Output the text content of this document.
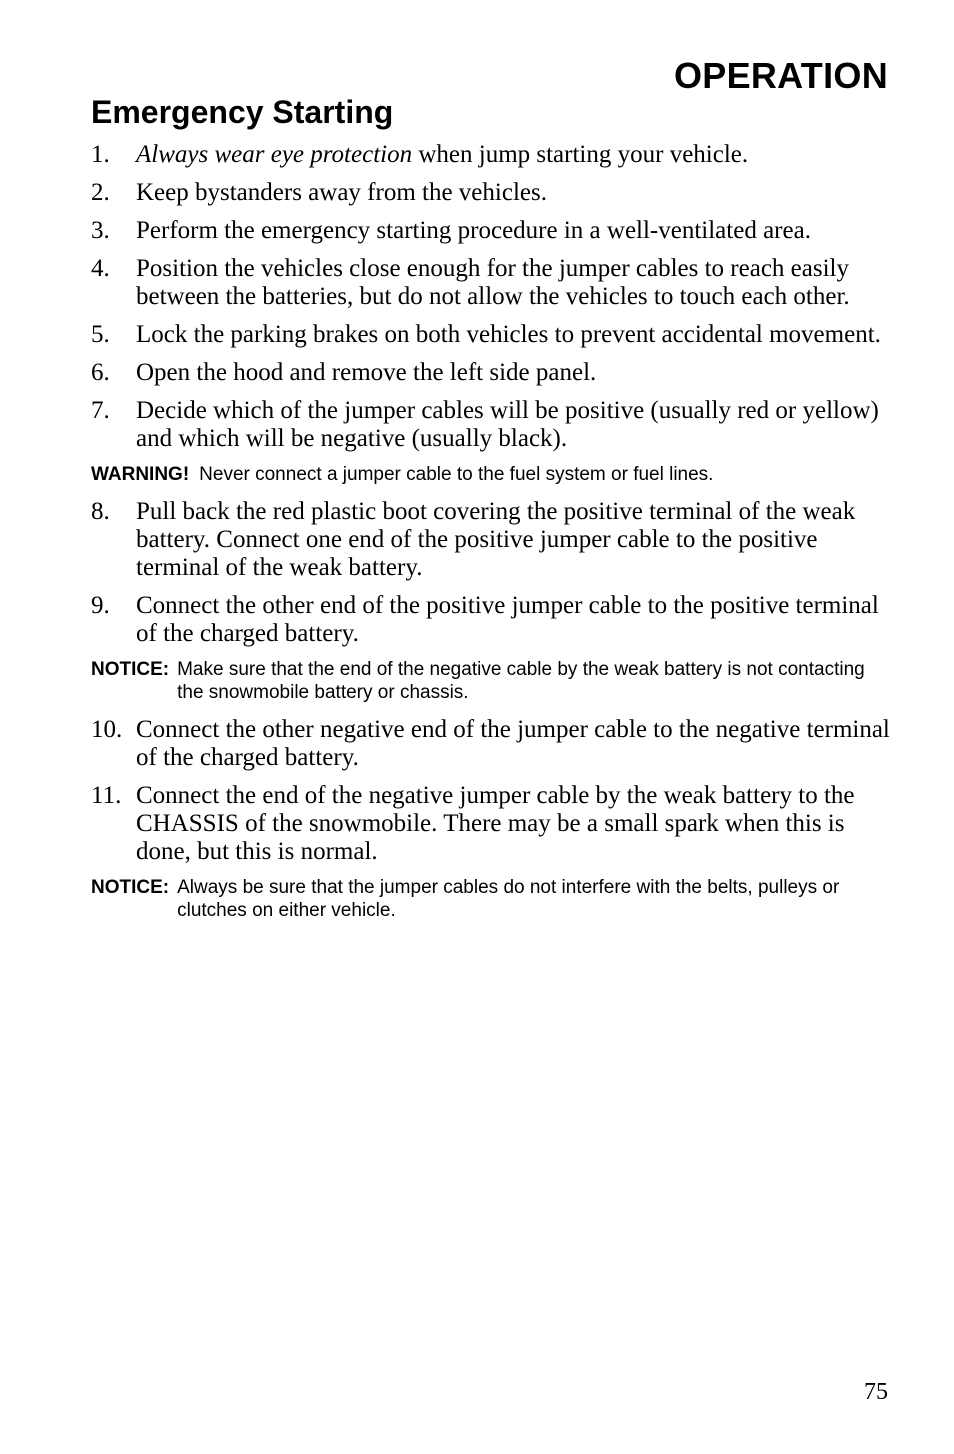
OPERATION
Emergency Starting
1.	Always wear eye protection when jump starting your vehicle.
2.	Keep bystanders away from the vehicles.
3.	Perform the emergency starting procedure in a well-ventilated area.
4.	Position the vehicles close enough for the jumper cables to reach easily between the batteries, but do not allow the vehicles to touch each other.
5.	Lock the parking brakes on both vehicles to prevent accidental movement.
6.	Open the hood and remove the left side panel.
7.	Decide which of the jumper cables will be positive (usually red or yellow) and which will be negative (usually black).
WARNING! Never connect a jumper cable to the fuel system or fuel lines.
8.	Pull back the red plastic boot covering the positive terminal of the weak battery. Connect one end of the positive jumper cable to the positive terminal of the weak battery.
9.	Connect the other end of the positive jumper cable to the positive terminal of the charged battery.
NOTICE: Make sure that the end of the negative cable by the weak battery is not contacting the snowmobile battery or chassis.
10. Connect the other negative end of the jumper cable to the negative terminal of the charged battery.
11. Connect the end of the negative jumper cable by the weak battery to the CHASSIS of the snowmobile. There may be a small spark when this is done, but this is normal.
NOTICE: Always be sure that the jumper cables do not interfere with the belts, pulleys or clutches on either vehicle.
75
